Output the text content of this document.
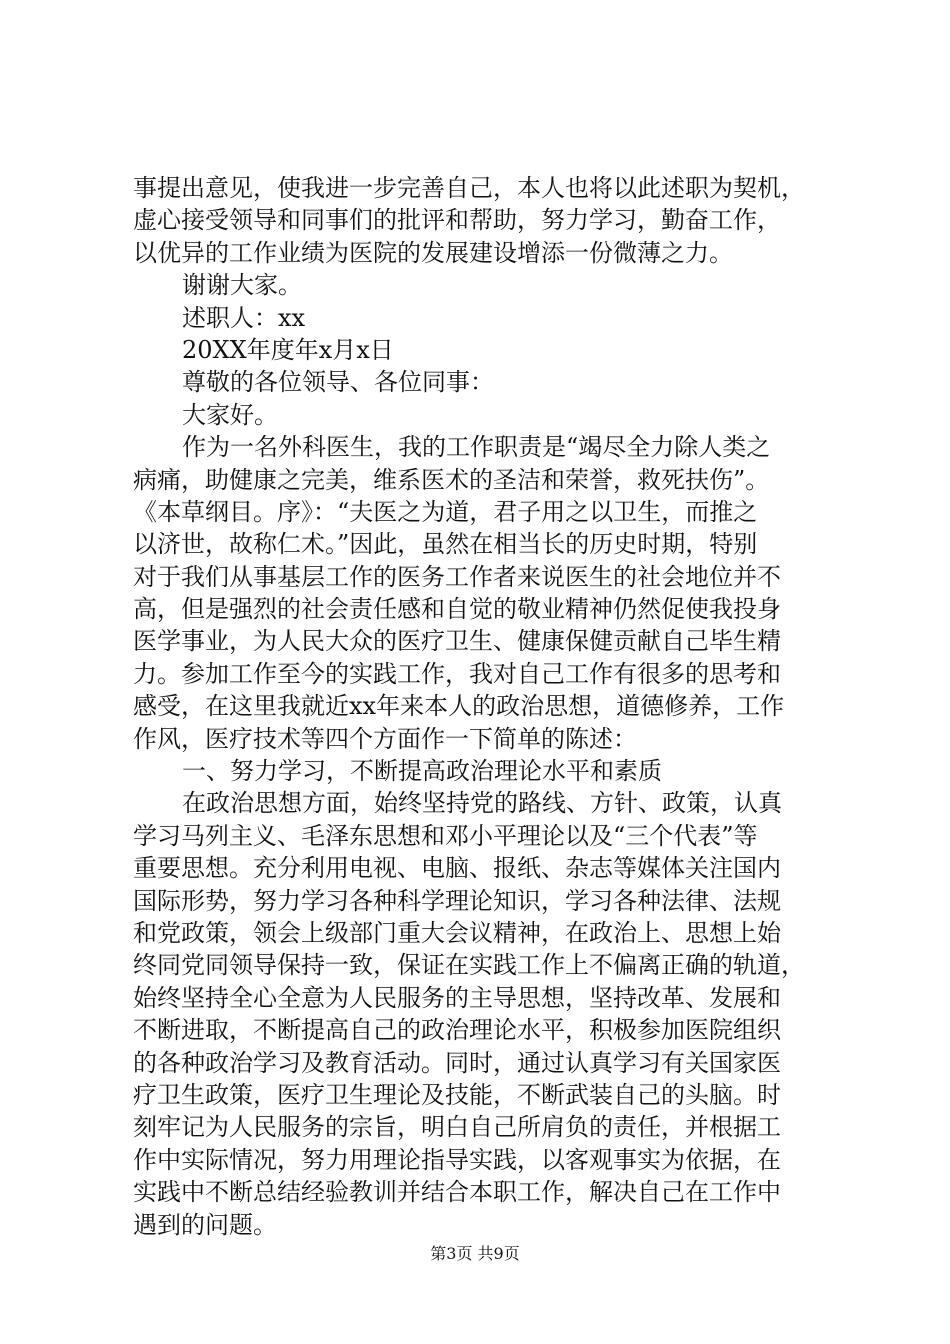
事提出意见，使我进一步完善自己，本人也将以此述职为契机，
虚心接受领导和同事们的批评和帮助，努力学习，勤奋工作，
以优异的工作业绩为医院的发展建设增添一份微薄之力。
谢谢大家。
述职人：xx
20XX年度年x月x日
尊敬的各位领导、各位同事：
大家好。
作为一名外科医生，我的工作职责是“竭尽全力除人类之
病痛，助健康之完美，维系医术的圣洁和荣誉，救死扶伤”。
《本草纲目。序》：“夫医之为道，君子用之以卫生，而推之
以济世，故称仁术。”因此，虽然在相当长的历史时期，特别
对于我们从事基层工作的医务工作者来说医生的社会地位并不
高，但是强烈的社会责任感和自觉的敬业精神仍然促使我投身
医学事业，为人民大众的医疗卫生、健康保健贡献自己毕生精
力。参加工作至今的实践工作，我对自己工作有很多的思考和
感受，在这里我就近xx年来本人的政治思想，道德修养，工作
作风，医疗技术等四个方面作一下简单的陈述：
一、努力学习，不断提高政治理论水平和素质
在政治思想方面，始终坚持党的路线、方针、政策，认真
学习马列主义、毛泽东思想和邓小平理论以及“三个代表”等
重要思想。充分利用电视、电脑、报纸、杂志等媒体关注国内
国际形势，努力学习各种科学理论知识，学习各种法律、法规
和党政策，领会上级部门重大会议精神，在政治上、思想上始
终同党同领导保持一致，保证在实践工作上不偏离正确的轨道，
始终坚持全心全意为人民服务的主导思想，坚持改革、发展和
不断进取，不断提高自己的政治理论水平，积极参加医院组织
的各种政治学习及教育活动。同时，通过认真学习有关国家医
疗卫生政策，医疗卫生理论及技能，不断武装自己的头脑。时
刻牢记为人民服务的宗旨，明白自己所肩负的责任，并根据工
作中实际情况，努力用理论指导实践，以客观事实为依据，在
实践中不断总结经验教训并结合本职工作，解决自己在工作中
遇到的问题。
第3页 共9页
